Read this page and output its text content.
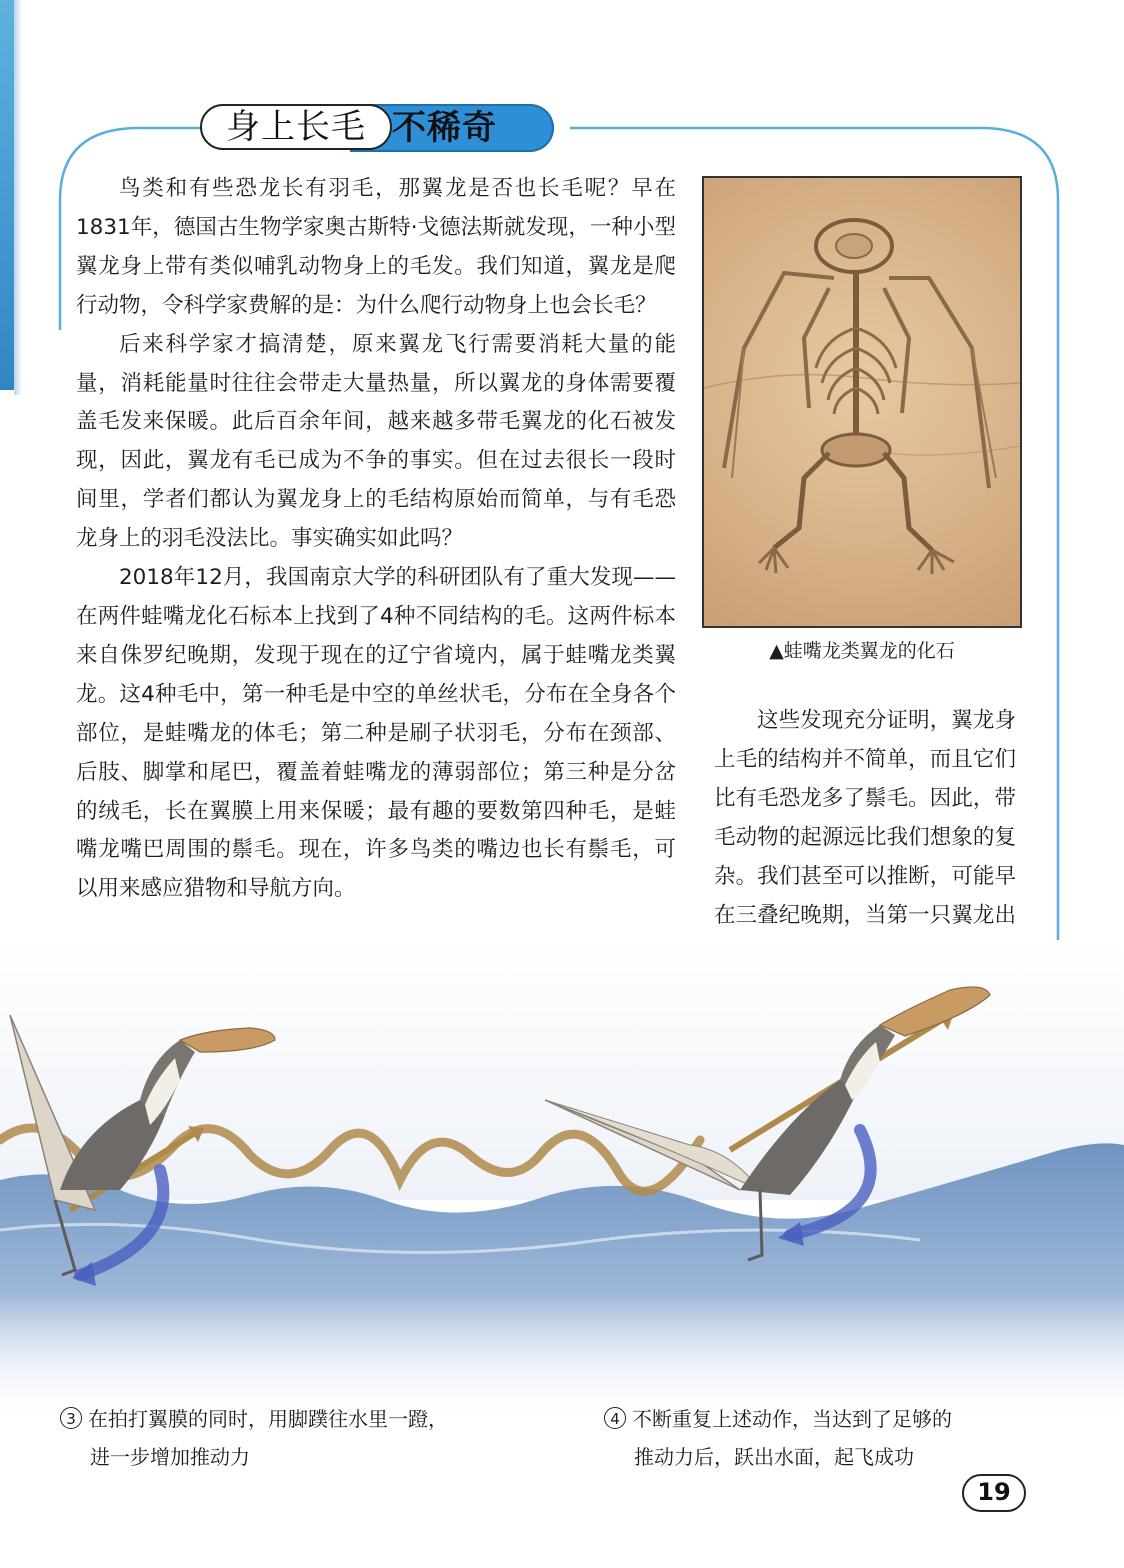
不稀奇
身上长毛

鸟类和有些恐龙长有羽毛，那翼龙是否也长毛呢？早在1831年，德国古生物学家奥古斯特·戈德法斯就发现，一种小型翼龙身上带有类似哺乳动物身上的毛发。我们知道，翼龙是爬行动物，令科学家费解的是：为什么爬行动物身上也会长毛？

后来科学家才搞清楚，原来翼龙飞行需要消耗大量的能量，消耗能量时往往会带走大量热量，所以翼龙的身体需要覆盖毛发来保暖。此后百余年间，越来越多带毛翼龙的化石被发现，因此，翼龙有毛已成为不争的事实。但在过去很长一段时间里，学者们都认为翼龙身上的毛结构原始而简单，与有毛恐龙身上的羽毛没法比。事实确实如此吗？

2018年12月，我国南京大学的科研团队有了重大发现——在两件蛙嘴龙化石标本上找到了4种不同结构的毛。这两件标本来自侏罗纪晚期，发现于现在的辽宁省境内，属于蛙嘴龙类翼龙。这4种毛中，第一种毛是中空的单丝状毛，分布在全身各个部位，是蛙嘴龙的体毛；第二种是刷子状羽毛，分布在颈部、后肢、脚掌和尾巴，覆盖着蛙嘴龙的薄弱部位；第三种是分岔的绒毛，长在翼膜上用来保暖；最有趣的要数第四种毛，是蛙嘴龙嘴巴周围的鬃毛。现在，许多鸟类的嘴边也长有鬃毛，可以用来感应猎物和导航方向。

▲蛙嘴龙类翼龙的化石

这些发现充分证明，翼龙身上毛的结构并不简单，而且它们比有毛恐龙多了鬃毛。因此，带毛动物的起源远比我们想象的复杂。我们甚至可以推断，可能早在三叠纪晚期，当第一只翼龙出

3 在拍打翼膜的同时，用脚蹼往水里一蹬，
进一步增加推动力
4 不断重复上述动作，当达到了足够的
推动力后，跃出水面，起飞成功
19
